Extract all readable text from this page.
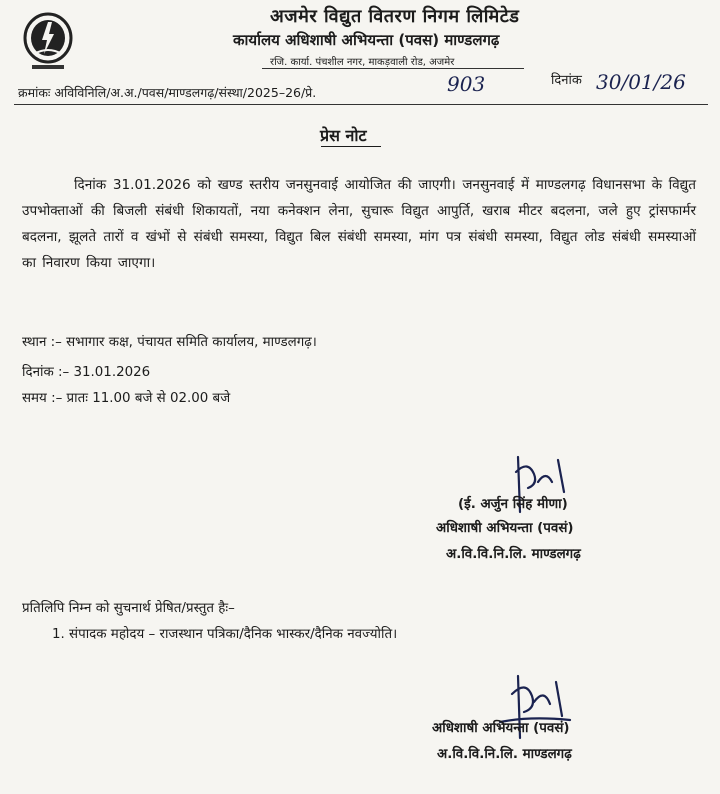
अजमेर विद्युत वितरण निगम लिमिटेड
कार्यालय अधिशाषी अभियन्ता (पवस) माण्डलगढ़
रजि. कार्या. पंचशील नगर, माकड़वाली रोड, अजमेर
क्रमांकः अविविनिलि/अ.अ./पवस/माण्डलगढ़/संस्था/2025–26/प्रे.	903	दिनांक 30/01/26
प्रेस नोट

दिनांक 31.01.2026 को खण्ड स्तरीय जनसुनवाई आयोजित की जाएगी। जनसुनवाई में माण्डलगढ़ विधानसभा के विद्युत उपभोक्ताओं की बिजली संबंधी शिकायतों, नया कनेक्शन लेना, सुचारू विद्युत आपुर्ति, खराब मीटर बदलना, जले हुए ट्रांसफार्मर बदलना, झूलते तारों व खंभों से संबंधी समस्या, विद्युत बिल संबंधी समस्या, मांग पत्र संबंधी समस्या, विद्युत लोड संबंधी समस्याओं का निवारण किया जाएगा।

स्थान :– सभागार कक्ष, पंचायत समिति कार्यालय, माण्डलगढ़।
दिनांक :– 31.01.2026
समय :– प्रातः 11.00 बजे से 02.00 बजे
(ई. अर्जुन सिंह मीणा)
अधिशाषी अभियन्ता (पवसं)
अ.वि.वि.नि.लि. माण्डलगढ़
प्रतिलिपि निम्न को सुचनार्थ प्रेषित/प्रस्तुत हैः–
1. संपादक महोदय – राजस्थान पत्रिका/दैनिक भास्कर/दैनिक नवज्योति।
अधिशाषी अभियन्ता (पवसं)
अ.वि.वि.नि.लि. माण्डलगढ़
